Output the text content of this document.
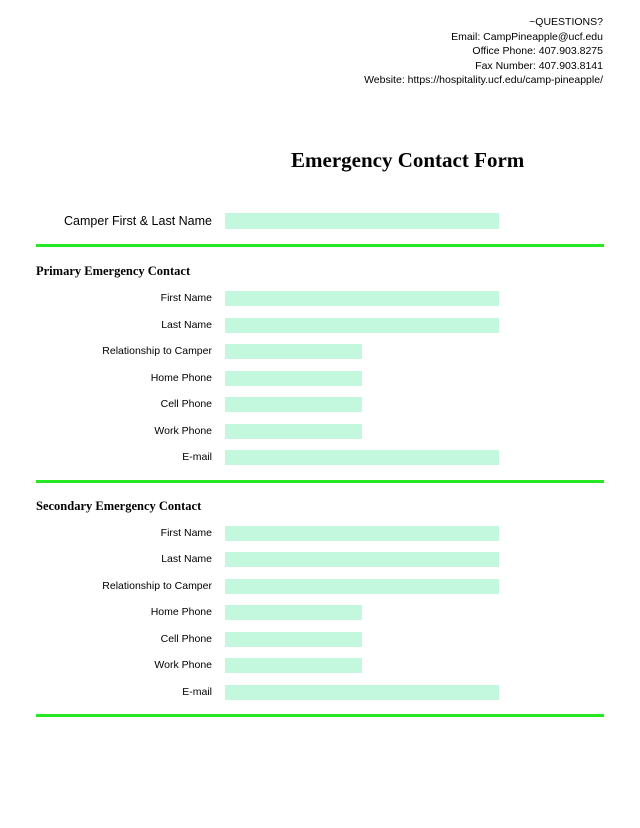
~QUESTIONS?
Email: CampPineapple@ucf.edu
Office Phone: 407.903.8275
Fax Number: 407.903.8141
Website: https://hospitality.ucf.edu/camp-pineapple/
Emergency Contact Form
Camper First & Last Name
Primary Emergency Contact
First Name
Last Name
Relationship to Camper
Home Phone
Cell Phone
Work Phone
E-mail
Secondary Emergency Contact
First Name
Last Name
Relationship to Camper
Home Phone
Cell Phone
Work Phone
E-mail
